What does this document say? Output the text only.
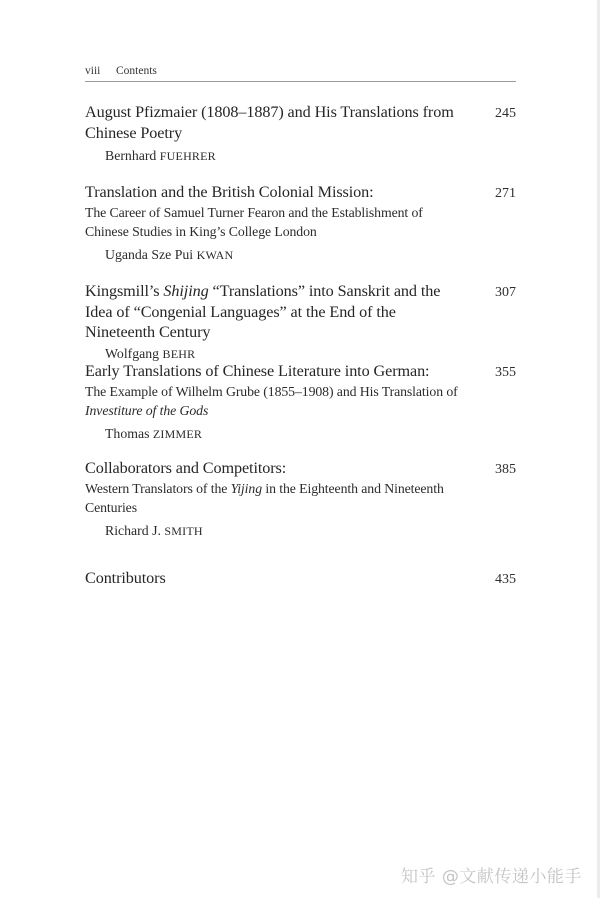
viii Contents
August Pfizmaier (1808–1887) and His Translations from Chinese Poetry
Bernhard FUEHRER
245
Translation and the British Colonial Mission:
The Career of Samuel Turner Fearon and the Establishment of Chinese Studies in King’s College London
Uganda Sze Pui KWAN
271
Kingsmill’s Shijing “Translations” into Sanskrit and the Idea of “Congenial Languages” at the End of the Nineteenth Century
Wolfgang BEHR
307
Early Translations of Chinese Literature into German:
The Example of Wilhelm Grube (1855–1908) and His Translation of Investiture of the Gods
Thomas ZIMMER
355
Collaborators and Competitors:
Western Translators of the Yijing in the Eighteenth and Nineteenth Centuries
Richard J. SMITH
385
Contributors	435
知乎 @文献传递小能手
